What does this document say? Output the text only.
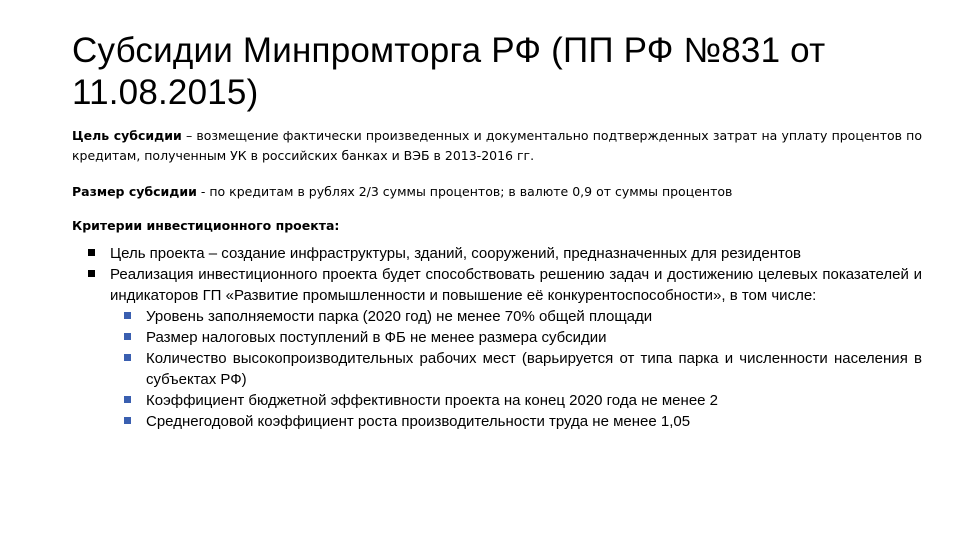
Субсидии Минпромторга РФ (ПП РФ №831 от 11.08.2015)
Цель субсидии – возмещение фактически произведенных и документально подтвержденных затрат на уплату процентов по кредитам, полученным УК в российских банках и ВЭБ в 2013-2016 гг.
Размер субсидии - по кредитам в рублях 2/3 суммы процентов; в валюте 0,9 от суммы процентов
Критерии инвестиционного проекта:
Цель проекта – создание инфраструктуры, зданий, сооружений, предназначенных для резидентов
Реализация инвестиционного проекта будет способствовать решению задач и достижению целевых показателей и индикаторов ГП «Развитие промышленности и повышение её конкурентоспособности», в том числе:
Уровень заполняемости парка (2020 год) не менее 70% общей площади
Размер налоговых поступлений в ФБ не менее размера субсидии
Количество высокопроизводительных рабочих мест (варьируется от типа парка и численности населения в субъектах РФ)
Коэффициент бюджетной эффективности проекта на конец 2020 года не менее 2
Среднегодовой коэффициент роста производительности труда не менее 1,05
